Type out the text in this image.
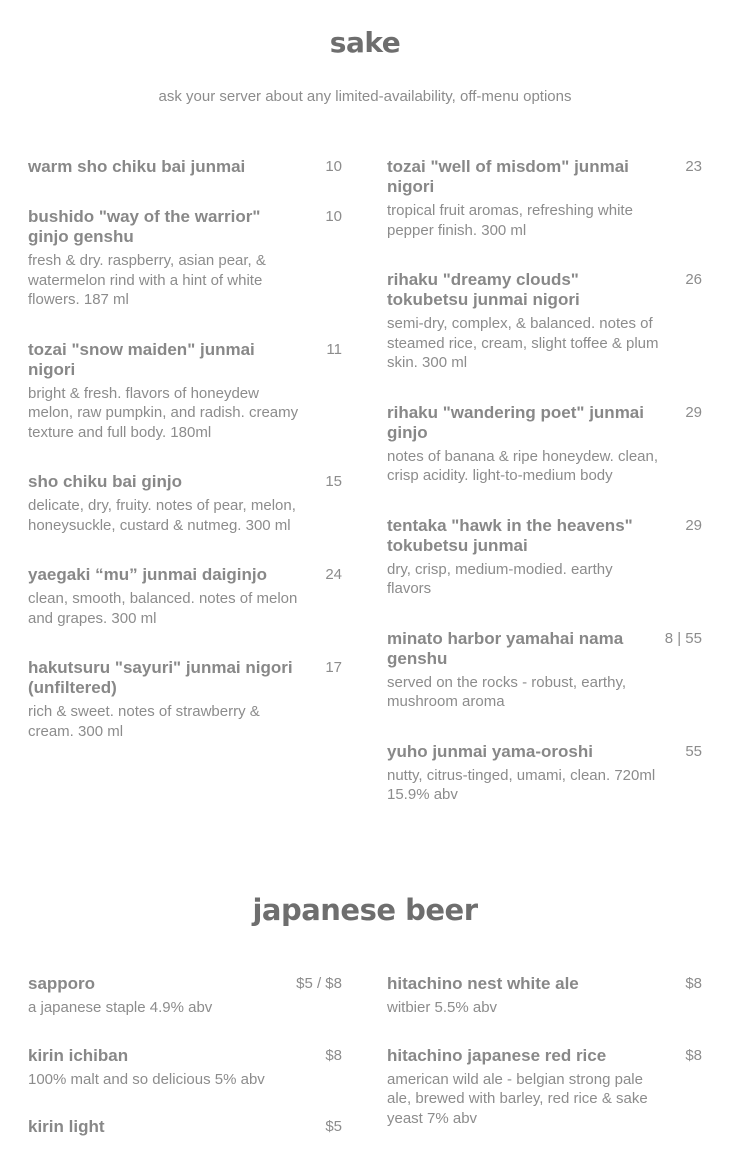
sake
ask your server about any limited-availability, off-menu options
warm sho chiku bai junmai	10
bushido "way of the warrior" ginjo genshu
10
fresh & dry. raspberry, asian pear, & watermelon rind with a hint of white flowers. 187 ml
tozai "snow maiden" junmai nigori
11
bright & fresh. flavors of honeydew melon, raw pumpkin, and radish. creamy texture and full body. 180ml
sho chiku bai ginjo	15
delicate, dry, fruity. notes of pear, melon, honeysuckle, custard & nutmeg. 300 ml
yaegaki “mu” junmai daiginjo	24
clean, smooth, balanced. notes of melon and grapes. 300 ml
hakutsuru "sayuri" junmai nigori (unfiltered)
17
rich & sweet. notes of strawberry & cream. 300 ml
tozai "well of misdom" junmai nigori
23
tropical fruit aromas, refreshing white pepper finish. 300 ml
rihaku "dreamy clouds" tokubetsu junmai nigori
26
semi-dry, complex, & balanced. notes of steamed rice, cream, slight toffee & plum skin. 300 ml
rihaku "wandering poet" junmai ginjo
29
notes of banana & ripe honeydew. clean, crisp acidity. light-to-medium body
tentaka "hawk in the heavens" tokubetsu junmai
29
dry, crisp, medium-modied. earthy flavors
minato harbor yamahai nama genshu
8 | 55
served on the rocks - robust, earthy, mushroom aroma
yuho junmai yama-oroshi	55
nutty, citrus-tinged, umami, clean. 720ml 15.9% abv
japanese beer
sapporo	$5 / $8
a japanese staple 4.9% abv
kirin ichiban	$8
100% malt and so delicious 5% abv
kirin light	$5
hitachino nest white ale	$8
witbier 5.5% abv
hitachino japanese red rice	$8
american wild ale - belgian strong pale ale, brewed with barley, red rice & sake yeast 7% abv
